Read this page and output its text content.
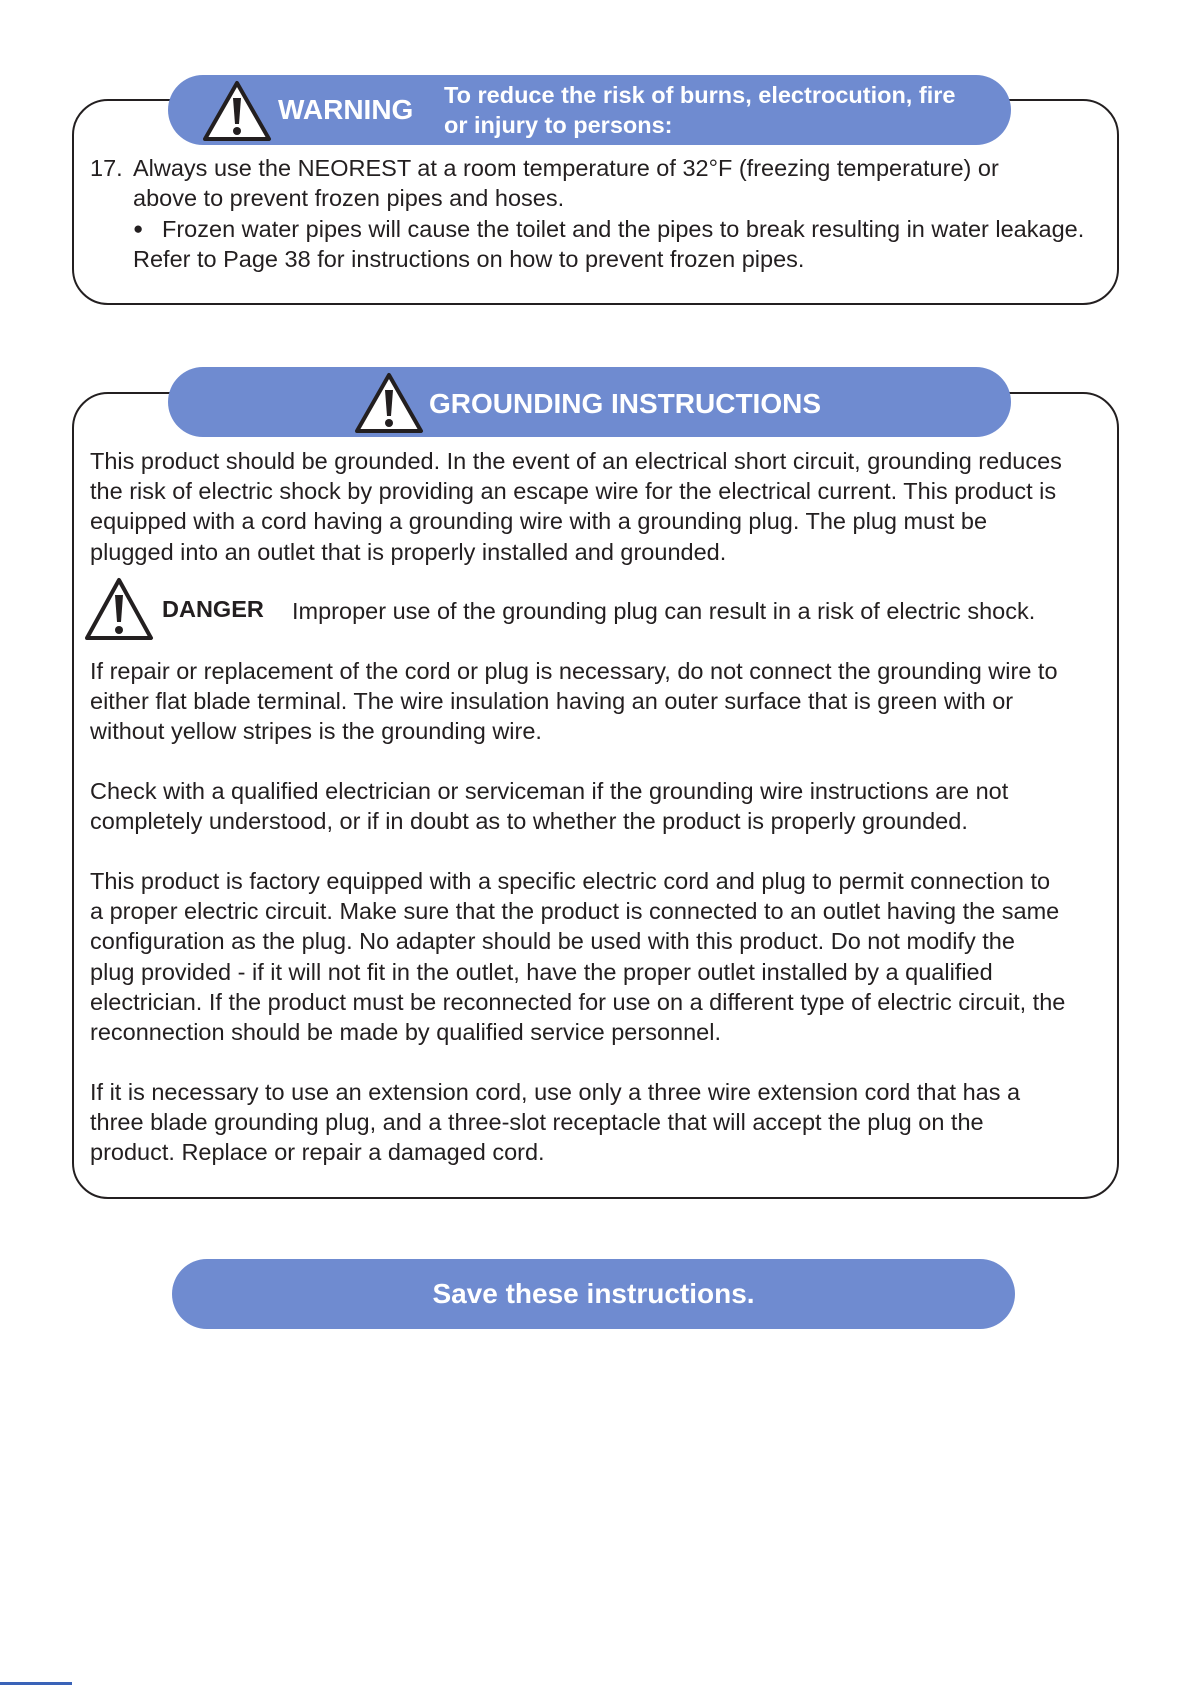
WARNING To reduce the risk of burns, electrocution, fire
or injury to persons:
17. Always use the NEOREST at a room temperature of 32°F (freezing temperature) or
above to prevent frozen pipes and hoses.
● Frozen water pipes will cause the toilet and the pipes to break resulting in water leakage.
Refer to Page 38 for instructions on how to prevent frozen pipes.
GROUNDING INSTRUCTIONS
This product should be grounded. In the event of an electrical short circuit, grounding reduces
the risk of electric shock by providing an escape wire for the electrical current. This product is
equipped with a cord having a grounding wire with a grounding plug. The plug must be
plugged into an outlet that is properly installed and grounded.
DANGER Improper use of the grounding plug can result in a risk of electric shock.
If repair or replacement of the cord or plug is necessary, do not connect the grounding wire to
either flat blade terminal. The wire insulation having an outer surface that is green with or
without yellow stripes is the grounding wire.
Check with a qualified electrician or serviceman if the grounding wire instructions are not
completely understood, or if in doubt as to whether the product is properly grounded.
This product is factory equipped with a specific electric cord and plug to permit connection to
a proper electric circuit. Make sure that the product is connected to an outlet having the same
configuration as the plug. No adapter should be used with this product. Do not modify the
plug provided - if it will not fit in the outlet, have the proper outlet installed by a qualified
electrician. If the product must be reconnected for use on a different type of electric circuit, the
reconnection should be made by qualified service personnel.
If it is necessary to use an extension cord, use only a three wire extension cord that has a
three blade grounding plug, and a three-slot receptacle that will accept the plug on the
product. Replace or repair a damaged cord.
Save these instructions.
